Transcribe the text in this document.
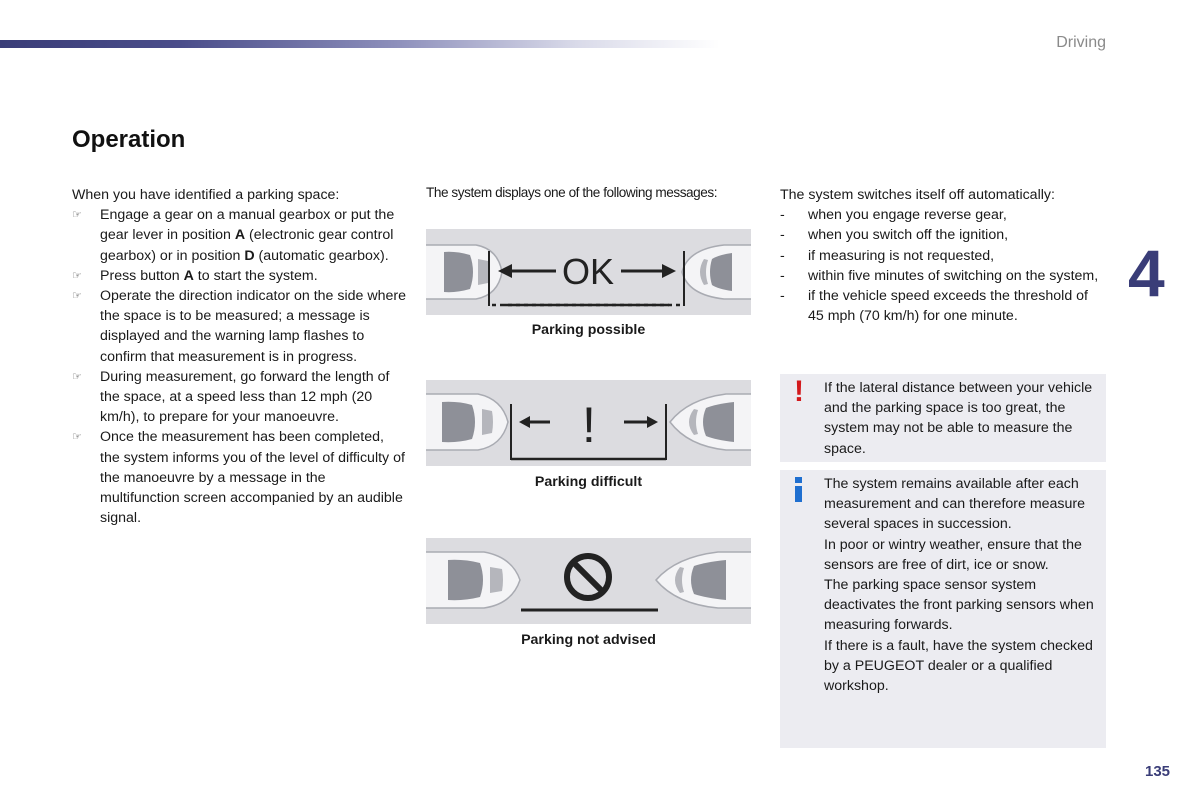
Driving
4
135
Operation

When you have identified a parking space:

☞ Engage a gear on a manual gearbox or put the gear lever in position A (electronic gear control gearbox) or in position D (automatic gearbox).
☞ Press button A to start the system.
☞ Operate the direction indicator on the side where the space is to be measured; a message is displayed and the warning lamp flashes to confirm that measurement is in progress.
☞ During measurement, go forward the length of the space, at a speed less than 12 mph (20 km/h), to prepare for your manoeuvre.
☞ Once the measurement has been completed, the system informs you of the level of difficulty of the manoeuvre by a message in the multifunction screen accompanied by an audible signal.

The system displays one of the following messages:

OK

Parking possible

!

Parking difficult

Parking not advised

The system switches itself off automatically:

- when you engage reverse gear,
- when you switch off the ignition,
- if measuring is not requested,
- within five minutes of switching on the system,
- if the vehicle speed exceeds the threshold of 45 mph (70 km/h) for one minute.
! If the lateral distance between your vehicle and the parking space is too great, the system may not be able to measure the space.

The system remains available after each measurement and can therefore measure several spaces in succession.

In poor or wintry weather, ensure that the sensors are free of dirt, ice or snow.

The parking space sensor system deactivates the front parking sensors when measuring forwards.

If there is a fault, have the system checked by a PEUGEOT dealer or a qualified workshop.
